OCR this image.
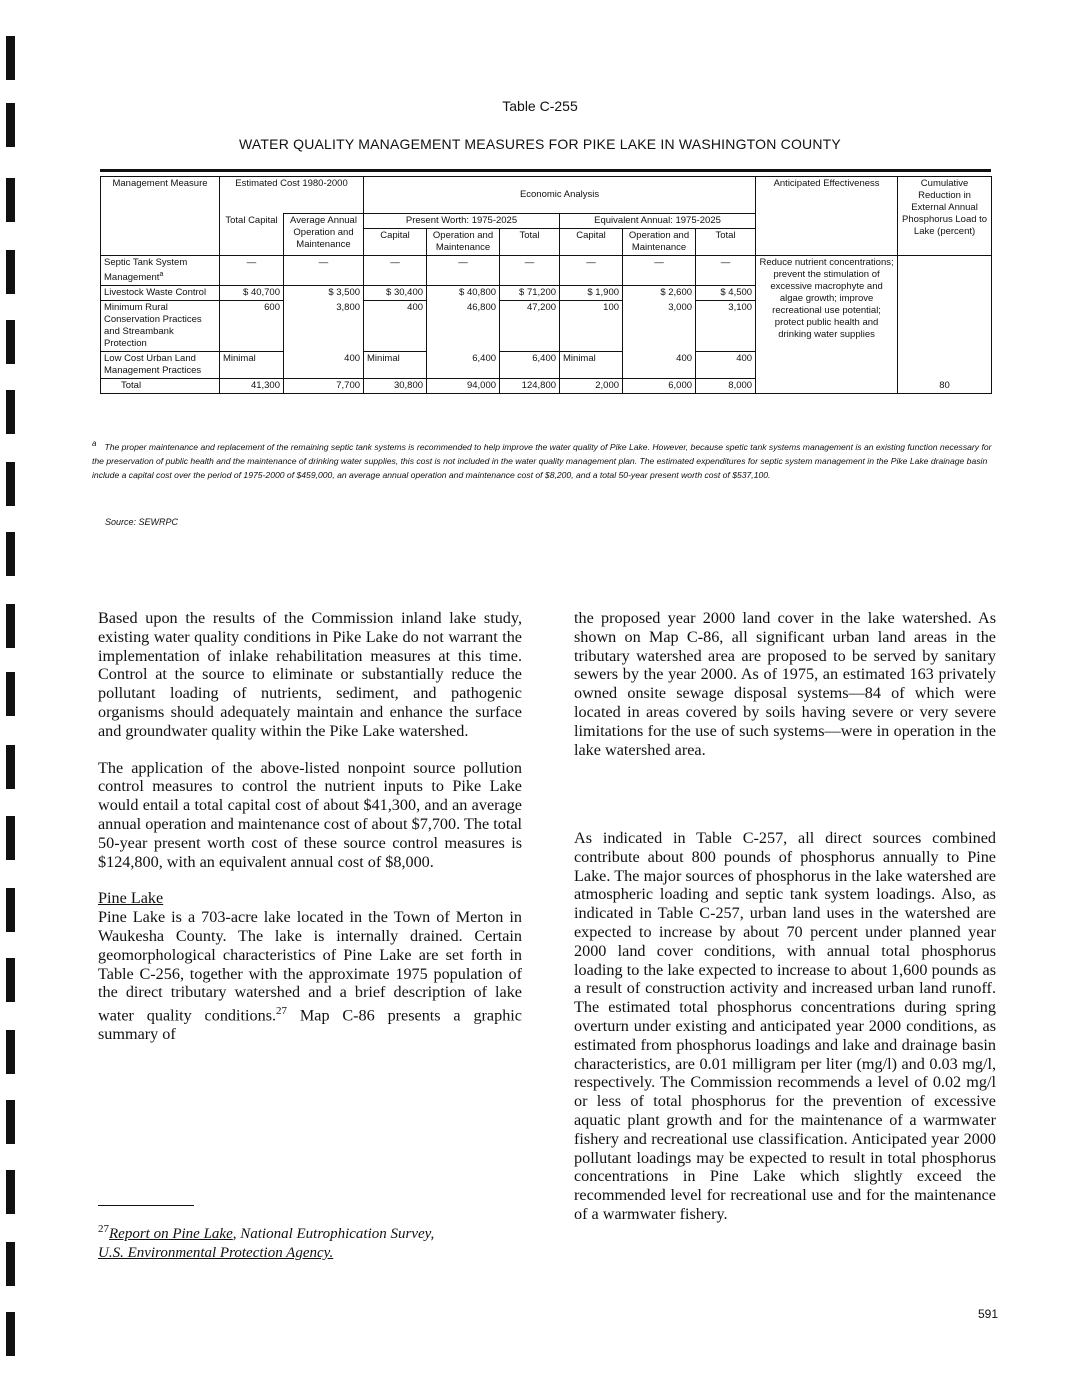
Table C-255
WATER QUALITY MANAGEMENT MEASURES FOR PIKE LAKE IN WASHINGTON COUNTY
Management Measure	Estimated Cost 1980-2000		Economic Analysis						Anticipated Effectiveness	Cumulative Reduction in External Annual Phosphorus Load to Lake (percent)
	Total Capital	Average Annual Operation and Maintenance	Present Worth: 1975-2025			Equivalent Annual: 1975-2025				
			Capital	Operation and Maintenance	Total	Capital	Operation and Maintenance	Total		
Septic Tank System Management$^a$	—	—	—	—	—	—	—	—	Reduce nutrient concentrations; prevent the stimulation of excessive macrophyte and algae growth; improve recreational use potential; protect public health and drinking water supplies	
Livestock Waste Control	$ 40,700	$ 3,500	$ 30,400	$ 40,800	$ 71,200	$ 1,900	$ 2,600	$ 4,500		
Minimum Rural Conservation Practices and Streambank Protection	600	3,800	400	46,800	47,200	100	3,000	3,100		
Low Cost Urban Land Management Practices	Minimal	400	Minimal	6,400	6,400	Minimal	400	400		
Total	41,300	7,700	30,800	94,000	124,800	2,000	6,000	8,000		80
$^a$ The proper maintenance and replacement of the remaining septic tank systems is recommended to help improve the water quality of Pike Lake. However, because spetic tank systems management is an existing function necessary for the preservation of public health and the maintenance of drinking water supplies, this cost is not included in the water quality management plan. The estimated expenditures for septic system management in the Pike Lake drainage basin include a capital cost over the period of 1975-2000 of $459,000, an average annual operation and maintenance cost of $8,200, and a total 50-year present worth cost of $537,100.
Source: SEWRPC

Based upon the results of the Commission inland lake study, existing water quality conditions in Pike Lake do not warrant the implementation of inlake rehabilitation measures at this time. Control at the source to eliminate or substantially reduce the pollutant loading of nutrients, sediment, and pathogenic organisms should adequately maintain and enhance the surface and groundwater quality within the Pike Lake watershed.

The application of the above-listed nonpoint source pollution control measures to control the nutrient inputs to Pike Lake would entail a total capital cost of about $41,300, and an average annual operation and maintenance cost of about $7,700. The total 50-year present worth cost of these source control measures is $124,800, with an equivalent annual cost of $8,000.

Pine Lake

Pine Lake is a 703-acre lake located in the Town of Merton in Waukesha County. The lake is internally drained. Certain geomorphological characteristics of Pine Lake are set forth in Table C-256, together with the approximate 1975 population of the direct tributary watershed and a brief description of lake water quality conditions.$^{27}$ Map C-86 presents a graphic summary of

the proposed year 2000 land cover in the lake watershed. As shown on Map C-86, all significant urban land areas in the tributary watershed area are proposed to be served by sanitary sewers by the year 2000. As of 1975, an estimated 163 privately owned onsite sewage disposal systems—84 of which were located in areas covered by soils having severe or very severe limitations for the use of such systems—were in operation in the lake watershed area.

As indicated in Table C-257, all direct sources combined contribute about 800 pounds of phosphorus annually to Pine Lake. The major sources of phosphorus in the lake watershed are atmospheric loading and septic tank system loadings. Also, as indicated in Table C-257, urban land uses in the watershed are expected to increase by about 70 percent under planned year 2000 land cover conditions, with annual total phosphorus loading to the lake expected to increase to about 1,600 pounds as a result of construction activity and increased urban land runoff. The estimated total phosphorus concentrations during spring overturn under existing and anticipated year 2000 conditions, as estimated from phosphorus loadings and lake and drainage basin characteristics, are 0.01 milligram per liter (mg/l) and 0.03 mg/l, respectively. The Commission recommends a level of 0.02 mg/l or less of total phosphorus for the prevention of excessive aquatic plant growth and for the maintenance of a warmwater fishery and recreational use classification. Anticipated year 2000 pollutant loadings may be expected to result in total phosphorus concentrations in Pine Lake which slightly exceed the recommended level for recreational use and for the maintenance of a warmwater fishery.

$^{27}$Report on Pine Lake, National Eutrophication Survey,
U.S. Environmental Protection Agency.
591
